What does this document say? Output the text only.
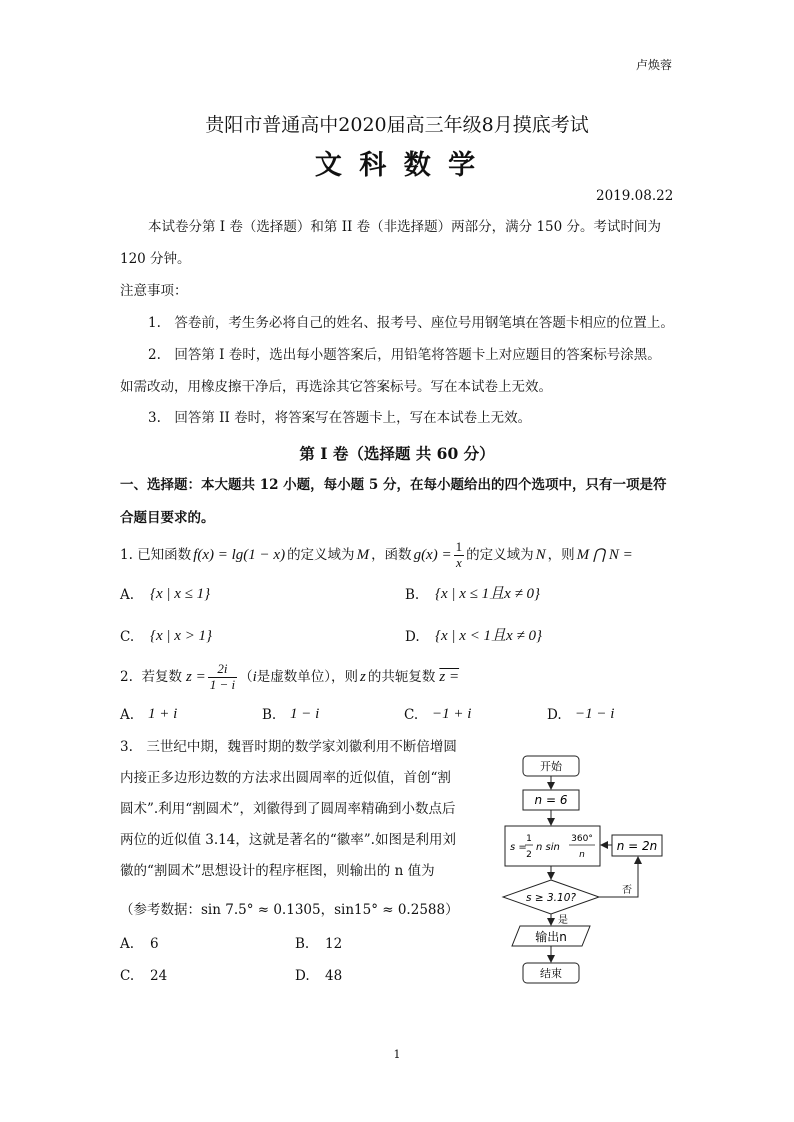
卢焕蓉
贵阳市普通高中2020届高三年级8月摸底考试
文 科 数 学
2019.08.22
本试卷分第 I 卷（选择题）和第 II 卷（非选择题）两部分，满分 150 分。考试时间为
120 分钟。
注意事项：
1.　答卷前，考生务必将自己的姓名、报考号、座位号用钢笔填在答题卡相应的位置上。
2.　回答第 I 卷时，选出每小题答案后，用铅笔将答题卡上对应题目的答案标号涂黑。
如需改动，用橡皮擦干净后，再选涂其它答案标号。写在本试卷上无效。
3.　回答第 II 卷时，将答案写在答题卡上，写在本试卷上无效。
第 I 卷（选择题 共 60 分）
一、选择题：本大题共 12 小题，每小题 5 分，在每小题给出的四个选项中，只有一项是符
合题目要求的。
1.
已知函数 f(x) = lg(1 − x) 的定义域为 M ，函数 $g(x) = \frac{1}{x}$ 的定义域为 N ，则 M ⋂ N =
A. {x | x ≤ 1}	B. {x | x ≤ 1且x ≠ 0}
C. {x | x > 1}	D. {x | x < 1且x ≠ 0}
2.
若复数 $z = \frac{2i}{1 - i}$ （ i 是虚数单位），则 z 的共轭复数 z =
A. 1 + i	B. 1 − i	C. −1 + i	D. −1 − i
3.　三世纪中期，魏晋时期的数学家刘徽利用不断倍增圆
内接正多边形边数的方法求出圆周率的近似值，首创“割
圆术”.利用“割圆术”，刘徽得到了圆周率精确到小数点后
两位的近似值 3.14，这就是著名的“徽率”.如图是利用刘
徽的“割圆术”思想设计的程序框图，则输出的 n 值为
（参考数据：sin 7.5° ≈ 0.1305，sin15° ≈ 0.2588）
A. 6	B. 12
C. 24	D. 48
开始
n = 6
s =
1
2
n sin
360°
n
n = 2n
s ≥ 3.10?
是
否
输出n
结束
1
